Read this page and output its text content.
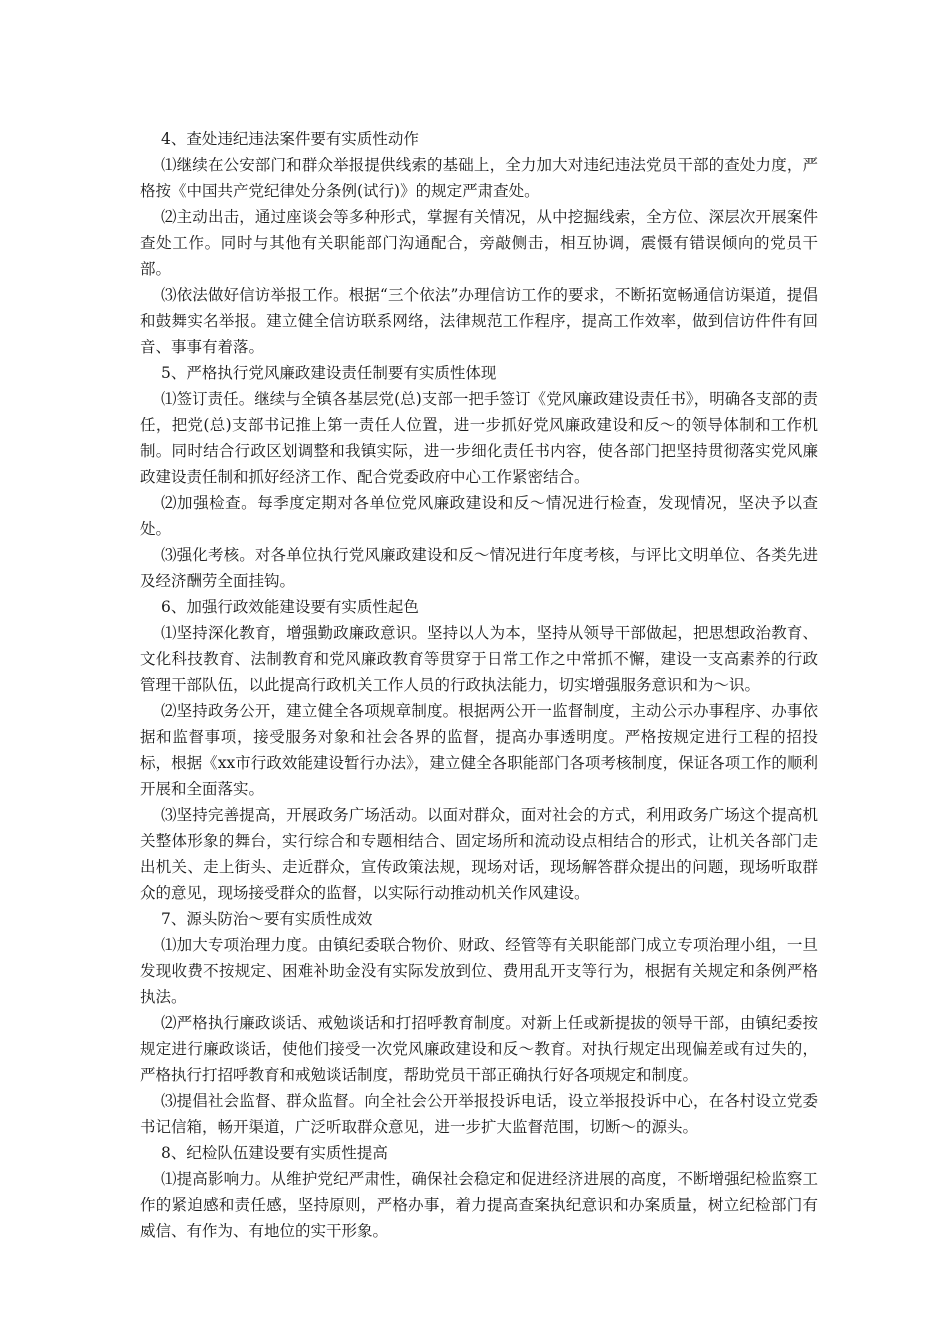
4、查处违纪违法案件要有实质性动作

⑴继续在公安部门和群众举报提供线索的基础上，全力加大对违纪违法党员干部的查处力度，严格按《中国共产党纪律处分条例(试行)》的规定严肃查处。

⑵主动出击，通过座谈会等多种形式，掌握有关情况，从中挖掘线索，全方位、深层次开展案件查处工作。同时与其他有关职能部门沟通配合，旁敲侧击，相互协调，震慑有错误倾向的党员干部。

⑶依法做好信访举报工作。根据“三个依法”办理信访工作的要求，不断拓宽畅通信访渠道，提倡和鼓舞实名举报。建立健全信访联系网络，法律规范工作程序，提高工作效率，做到信访件件有回音、事事有着落。

5、严格执行党风廉政建设责任制要有实质性体现

⑴签订责任。继续与全镇各基层党(总)支部一把手签订《党风廉政建设责任书》，明确各支部的责任，把党(总)支部书记推上第一责任人位置，进一步抓好党风廉政建设和反～的领导体制和工作机制。同时结合行政区划调整和我镇实际，进一步细化责任书内容，使各部门把坚持贯彻落实党风廉政建设责任制和抓好经济工作、配合党委政府中心工作紧密结合。

⑵加强检查。每季度定期对各单位党风廉政建设和反～情况进行检查，发现情况，坚决予以查处。

⑶强化考核。对各单位执行党风廉政建设和反～情况进行年度考核，与评比文明单位、各类先进及经济酬劳全面挂钩。

6、加强行政效能建设要有实质性起色

⑴坚持深化教育，增强勤政廉政意识。坚持以人为本，坚持从领导干部做起，把思想政治教育、文化科技教育、法制教育和党风廉政教育等贯穿于日常工作之中常抓不懈，建设一支高素养的行政管理干部队伍，以此提高行政机关工作人员的行政执法能力，切实增强服务意识和为～识。

⑵坚持政务公开，建立健全各项规章制度。根据两公开一监督制度，主动公示办事程序、办事依据和监督事项，接受服务对象和社会各界的监督，提高办事透明度。严格按规定进行工程的招投标，根据《xx市行政效能建设暂行办法》，建立健全各职能部门各项考核制度，保证各项工作的顺利开展和全面落实。

⑶坚持完善提高，开展政务广场活动。以面对群众，面对社会的方式，利用政务广场这个提高机关整体形象的舞台，实行综合和专题相结合、固定场所和流动设点相结合的形式，让机关各部门走出机关、走上街头、走近群众，宣传政策法规，现场对话，现场解答群众提出的问题，现场听取群众的意见，现场接受群众的监督，以实际行动推动机关作风建设。

7、源头防治～要有实质性成效

⑴加大专项治理力度。由镇纪委联合物价、财政、经管等有关职能部门成立专项治理小组，一旦发现收费不按规定、困难补助金没有实际发放到位、费用乱开支等行为，根据有关规定和条例严格执法。

⑵严格执行廉政谈话、戒勉谈话和打招呼教育制度。对新上任或新提拔的领导干部，由镇纪委按规定进行廉政谈话，使他们接受一次党风廉政建设和反～教育。对执行规定出现偏差或有过失的，严格执行打招呼教育和戒勉谈话制度，帮助党员干部正确执行好各项规定和制度。

⑶提倡社会监督、群众监督。向全社会公开举报投诉电话，设立举报投诉中心，在各村设立党委书记信箱，畅开渠道，广泛听取群众意见，进一步扩大监督范围，切断～的源头。

8、纪检队伍建设要有实质性提高

⑴提高影响力。从维护党纪严肃性，确保社会稳定和促进经济进展的高度，不断增强纪检监察工作的紧迫感和责任感，坚持原则，严格办事，着力提高查案执纪意识和办案质量，树立纪检部门有威信、有作为、有地位的实干形象。
